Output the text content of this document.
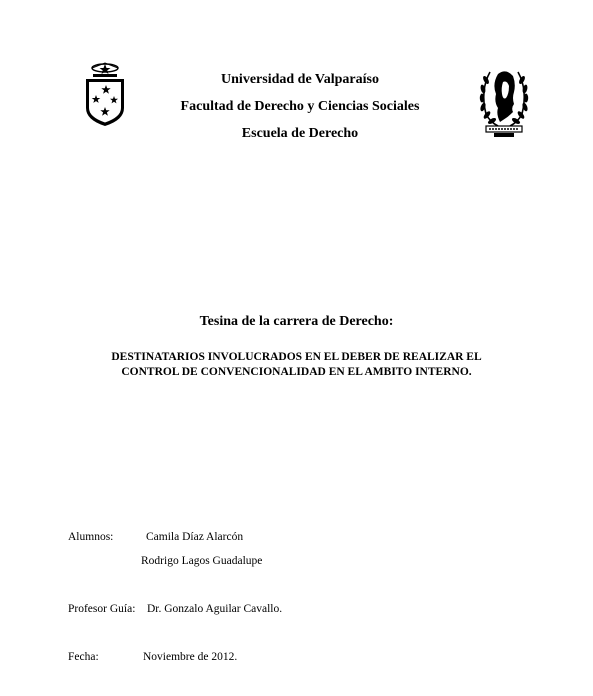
Universidad de Valparaíso
Facultad de Derecho y Ciencias Sociales
Escuela de Derecho
Tesina de la carrera de Derecho:
DESTINATARIOS INVOLUCRADOS EN EL DEBER DE REALIZAR EL
CONTROL DE CONVENCIONALIDAD EN EL AMBITO INTERNO.
Alumnos:	Camila Díaz Alarcón
Rodrigo Lagos Guadalupe
Profesor Guía: Dr. Gonzalo Aguilar Cavallo.
Fecha:	Noviembre de 2012.
